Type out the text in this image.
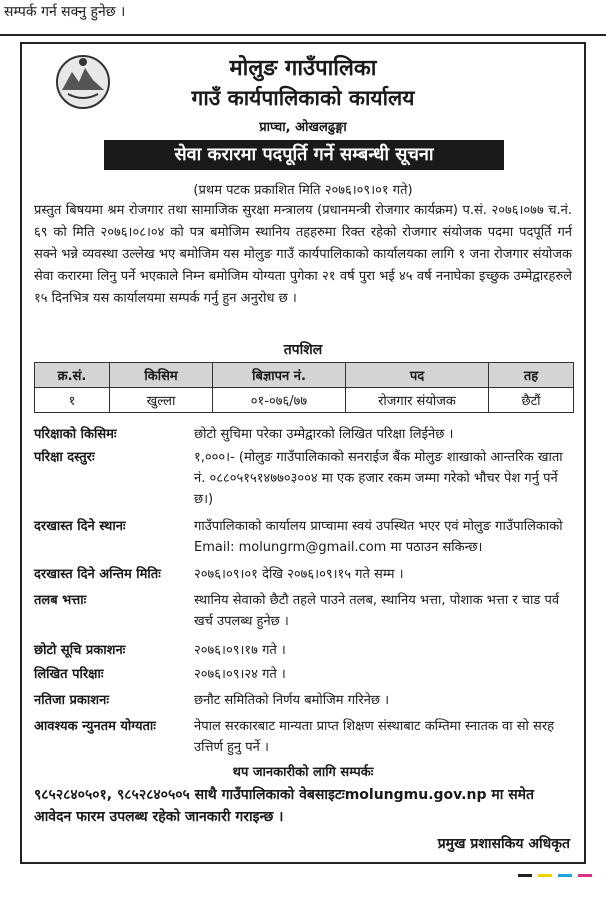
सम्पर्क गर्न सक्नु हुनेछ ।
मोलुङ गाउँपालिका
गाउँ कार्यपालिकाको कार्यालय
प्राप्चा, ओखलढुङ्गा
सेवा करारमा पदपूर्ति गर्ने सम्बन्धी सूचना
(प्रथम पटक प्रकाशित मिति २०७६।०९।०१ गते)
प्रस्तुत बिषयमा श्रम रोजगार तथा सामाजिक सुरक्षा मन्त्रालय (प्रधानमन्त्री रोजगार कार्यक्रम) प.सं. २०७६।०७७ च.नं. ६९ को मिति २०७६।०८।०४ को पत्र बमोजिम स्थानिय तहहरुमा रिक्त रहेको रोजगार संयोजक पदमा पदपूर्ति गर्न सक्ने भन्ने व्यवस्था उल्लेख भए बमोजिम यस मोलुङ गाउँ कार्यपालिकाको कार्यालयका लागि १ जना रोजगार संयोजक सेवा करारमा लिनु पर्ने भएकाले निम्न बमोजिम योग्यता पुगेका २१ वर्ष पुरा भई ४५ वर्ष ननाघेका इच्छुक उम्मेद्वारहरुले १५ दिनभित्र यस कार्यालयमा सम्पर्क गर्नु हुन अनुरोध छ ।
तपशिल
क्र.सं.	किसिम	बिज्ञापन नं.	पद	तह
१	खुल्ला	०१-०७६/७७	रोजगार संयोजक	छैटौं
परिक्षाको किसिमः	छोटो सुचिमा परेका उम्मेद्वारको लिखित परिक्षा लिईनेछ ।
परिक्षा दस्तुरः	१,०००।- (मोलुङ गाउँपालिकाको सनराईज बैंक मोलुङ शाखाको आन्तरिक खाता नं. ०८८०५१५१४७७०३००४ मा एक हजार रकम जम्मा गरेको भौचर पेश गर्नु पर्ने छ।)
दरखास्त दिने स्थानः	गाउँपालिकाको कार्यालय प्राप्चामा स्वयं उपस्थित भएर एवं मोलुङ गाउँपालिकाको Email: molungrm@gmail.com मा पठाउन सकिन्छ।
दरखास्त दिने अन्तिम मितिः	२०७६।०९।०१ देखि २०७६।०९।१५ गते सम्म ।
तलब भत्ताः	स्थानिय सेवाको छैटौ तहले पाउने तलब, स्थानिय भत्ता, पोशाक भत्ता र चाड पर्व खर्च उपलब्ध हुनेछ ।
छोटो सूचि प्रकाशनः	२०७६।०९।१७ गते ।
लिखित परिक्षाः	२०७६।०९।२४ गते ।
नतिजा प्रकाशनः	छनौट समितिको निर्णय बमोजिम गरिनेछ ।
आवश्यक न्युनतम योग्यताः	नेपाल सरकारबाट मान्यता प्राप्त शिक्षण संस्थाबाट कम्तिमा स्नातक वा सो सरह उत्तिर्ण हुनु पर्ने ।
थप जानकारीको लागि सम्पर्कः
९८५२८४०५०१, ९८५२८४०५०५ साथै गाउँपालिकाको वेबसाइटःmolungmu.gov.np मा समेत आवेदन फारम उपलब्ध रहेको जानकारी गराइन्छ ।
प्रमुख प्रशासकिय अधिकृत
